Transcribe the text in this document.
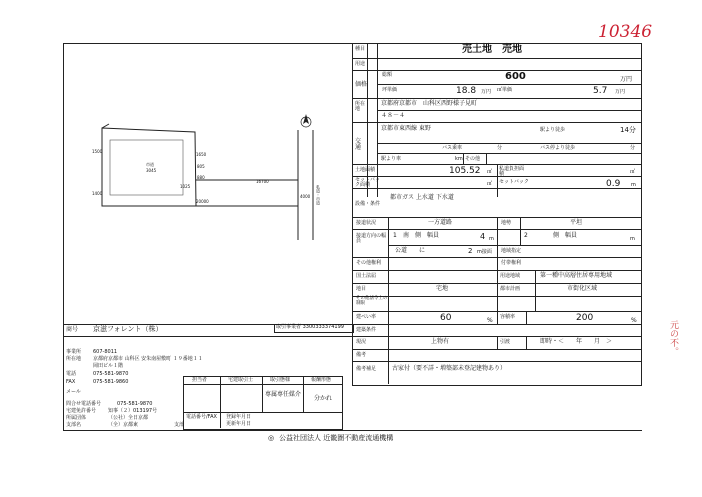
10346
元の不。
種目	売土地　売地
用途
価格
総額	600	万円
坪単価	18.8 万円 ㎡単価	5.7 万円
所在地
京都府京都市　山科区西野様子見町
４８－４
交通
京都市東西線 東野	駅より徒歩	14分
バス乗車	分	バス停より徒歩	分
駅より車	km その他
土地面積	105.52 ㎡ 私道負担面積	㎡
セットバック面積	㎡ セットバック	0.9 m
設備・条件
都市ガス 上水道 下水道
接道状況	一方道路	地勢	平坦
接道方向の幅員
1 南　側　幅員	4 m	2	側　幅員	m
公道　　に	2 m接面 地域指定
その他権利	付帯権利
国土法届	用途地域	第一種中高層住居専用地域
地目	宅地	都市計画	市街化区域
その他法令上の制限
建ぺい率	60	% 容積率	200	%
建築条件
現況	上物有	引渡	即時・＜　　年　　月　＞
備考
備考補足	古家付（要不詳・増築部未登記建物あり）
1500
3045
805
1025
1400
1650
880
4000
16700
20000	私道・市道
市道
商号 京滋フォレント（株）	取引事業者 3300333374199
事業所 607-8011
所在地 京都府京都市 山科区 安朱南屋敷町 １９番地１１
岡田ビル１階
電話	075-581-9870
FAX	075-581-9860
メール
問合せ電話番号	075-581-9870
宅建免許番号 知事（２）013197号
所属団体	（公社）全日京都
支部名	（全）京都東	支部
担当者	宅建取引士	取引態様	報酬形態
専属専任媒介
分かれ
電話番号/FAX 登録年月日
更新年月日
◎ 公益社団法人 近畿圏不動産流通機構
